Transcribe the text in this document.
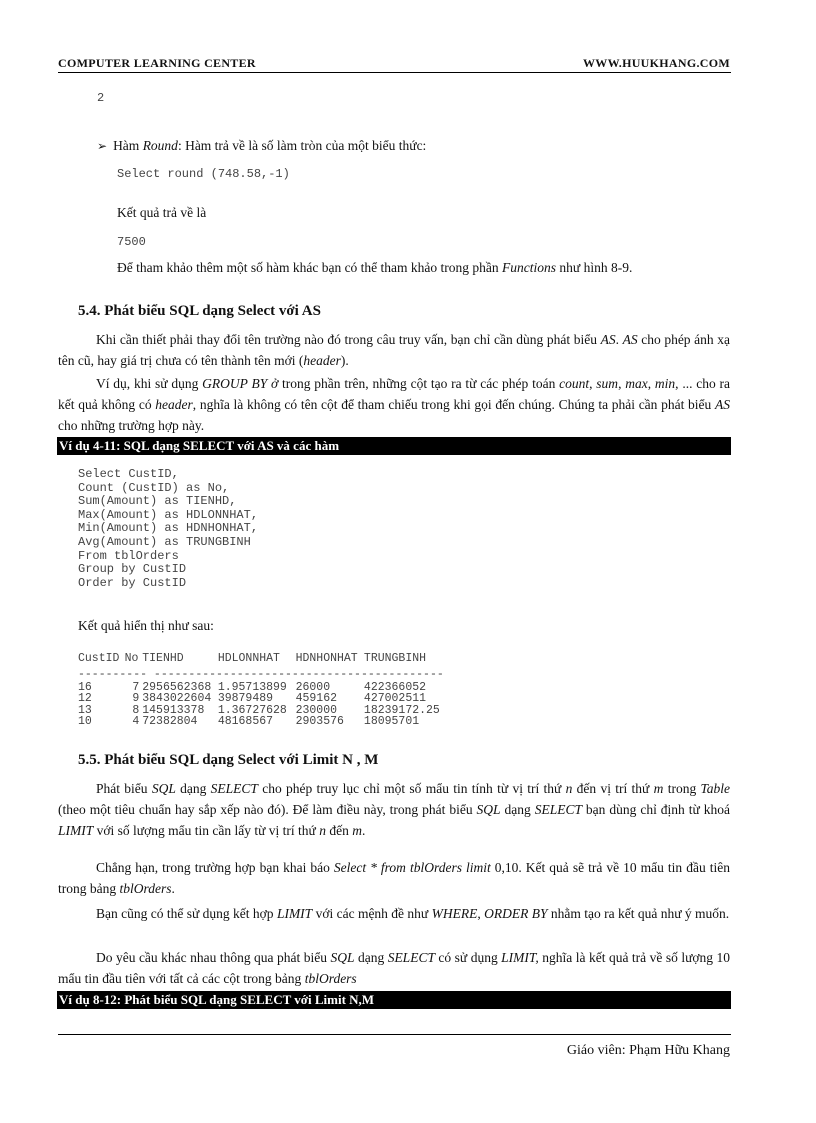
COMPUTER LEARNING CENTER	WWW.HUUKHANG.COM
2
➢ Hàm Round: Hàm trả về là số làm tròn của một biểu thức:
Select round (748.58,-1)
Kết quả trả về là
7500
Để tham khảo thêm một số hàm khác bạn có thể tham khảo trong phần Functions như hình 8-9.
5.4. Phát biểu SQL dạng Select với AS
Khi cần thiết phải thay đổi tên trường nào đó trong câu truy vấn, bạn chỉ cần dùng phát biểu AS. AS cho phép ánh xạ tên cũ, hay giá trị chưa có tên thành tên mới (header).
Ví dụ, khi sử dụng GROUP BY ở trong phần trên, những cột tạo ra từ các phép toán count, sum, max, min, ... cho ra kết quả không có header, nghĩa là không có tên cột để tham chiếu trong khi gọi đến chúng. Chúng ta phải cần phát biểu AS cho những trường hợp này.
Ví dụ 4-11: SQL dạng SELECT với AS và các hàm
Select CustID,
Count (CustID) as No,
Sum(Amount) as TIENHD,
Max(Amount) as HDLONNHAT,
Min(Amount) as HDNHONHAT,
Avg(Amount) as TRUNGBINH
From tblOrders
Group by CustID
Order by CustID
Kết quả hiển thị như sau:
CustID	No	TIENHD	HDLONNHAT	HDNHONHAT	TRUNGBINH
---------- ------------------------------------------					
16	7	2956562368	1.95713899	26000	422366052
12	9	3843022604	39879489	459162	427002511
13	8	145913378	1.36727628	230000	18239172.25
10	4	72382804	48168567	2903576	18095701
5.5. Phát biểu SQL dạng Select với Limit N , M
Phát biểu SQL dạng SELECT cho phép truy lục chỉ một số mẩu tin tính từ vị trí thứ n đến vị trí thứ m trong Table (theo một tiêu chuẩn hay sắp xếp nào đó). Để làm điều này, trong phát biểu SQL dạng SELECT bạn dùng chỉ định từ khoá LIMIT với số lượng mẩu tin cần lấy từ vị trí thứ n đến m.
Chẳng hạn, trong trường hợp bạn khai báo Select * from tblOrders limit 0,10. Kết quả sẽ trả về 10 mẩu tin đầu tiên trong bảng tblOrders.
Bạn cũng có thể sử dụng kết hợp LIMIT với các mệnh đề như WHERE, ORDER BY nhằm tạo ra kết quả như ý muốn.
Do yêu cầu khác nhau thông qua phát biểu SQL dạng SELECT có sử dụng LIMIT, nghĩa là kết quả trả về số lượng 10 mẩu tin đầu tiên với tất cả các cột trong bảng tblOrders
Ví dụ 8-12: Phát biểu SQL dạng SELECT với Limit N,M
Giáo viên: Phạm Hữu Khang
